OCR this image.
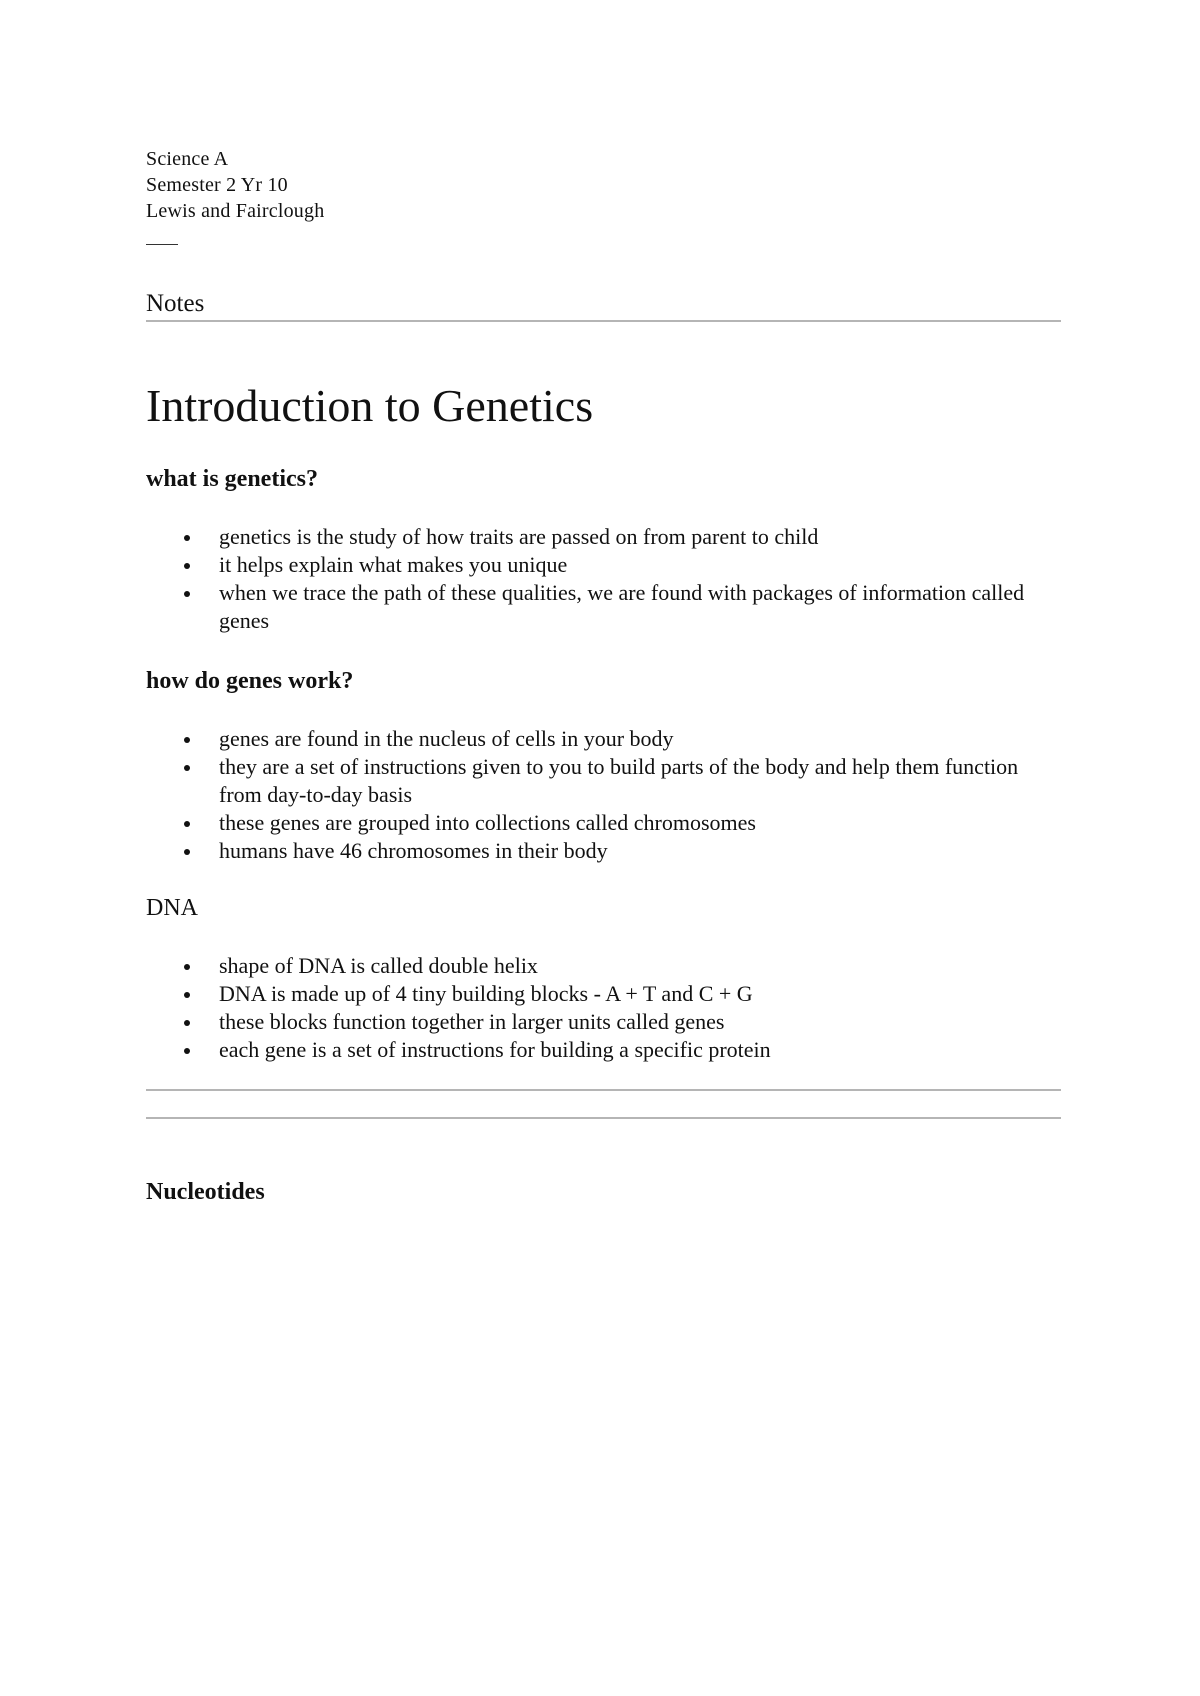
Science A
Semester 2 Yr 10
Lewis and Fairclough
Notes
Introduction to Genetics
what is genetics?
genetics is the study of how traits are passed on from parent to child
it helps explain what makes you unique
when we trace the path of these qualities, we are found with packages of information called genes
how do genes work?
genes are found in the nucleus of cells in your body
they are a set of instructions given to you to build parts of the body and help them function from day-to-day basis
these genes are grouped into collections called chromosomes
humans have 46 chromosomes in their body
DNA
shape of DNA is called double helix
DNA is made up of 4 tiny building blocks - A + T and C + G
these blocks function together in larger units called genes
each gene is a set of instructions for building a specific protein
Nucleotides
